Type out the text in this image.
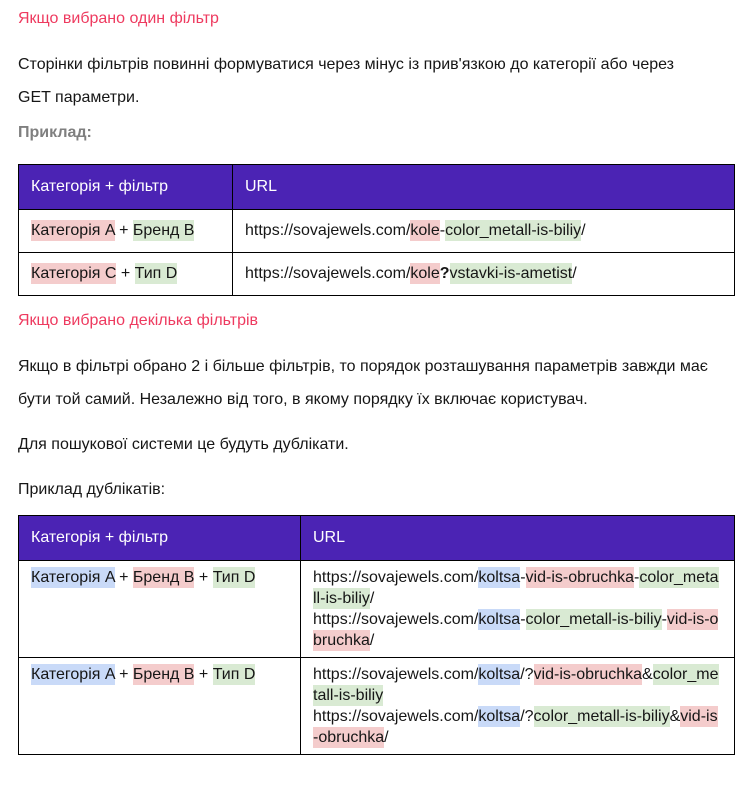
Якщо вибрано один фільтр

Сторінки фільтрів повинні формуватися через мінус із прив'язкою до категорії або через GET параметри.

Приклад:
Категорія + фільтр	URL
Категорія A + Бренд B	https://sovajewels.com/kole-color_metall-is-biliy/

Категорія C + Тип D	https://sovajewels.com/kole?vstavki-is-ametist/
Якщо вибрано декілька фільтрів

Якщо в фільтрі обрано 2 і більше фільтрів, то порядок розташування параметрів завжди має бути той самий. Незалежно від того, в якому порядку їх включає користувач.

Для пошукової системи це будуть дублікати.

Приклад дублікатів:
Категорія + фільтр	URL
Категорія A + Бренд B + Тип D	https://sovajewels.com/koltsa-vid-is-obruchka-color_metall-is-biliy/
https://sovajewels.com/koltsa-color_metall-is-biliy-vid-is-obruchka/

Категорія A + Бренд B + Тип D	https://sovajewels.com/koltsa/?vid-is-obruchka&color_metall-is-biliy
https://sovajewels.com/koltsa/?color_metall-is-biliy&vid-is-obruchka/
